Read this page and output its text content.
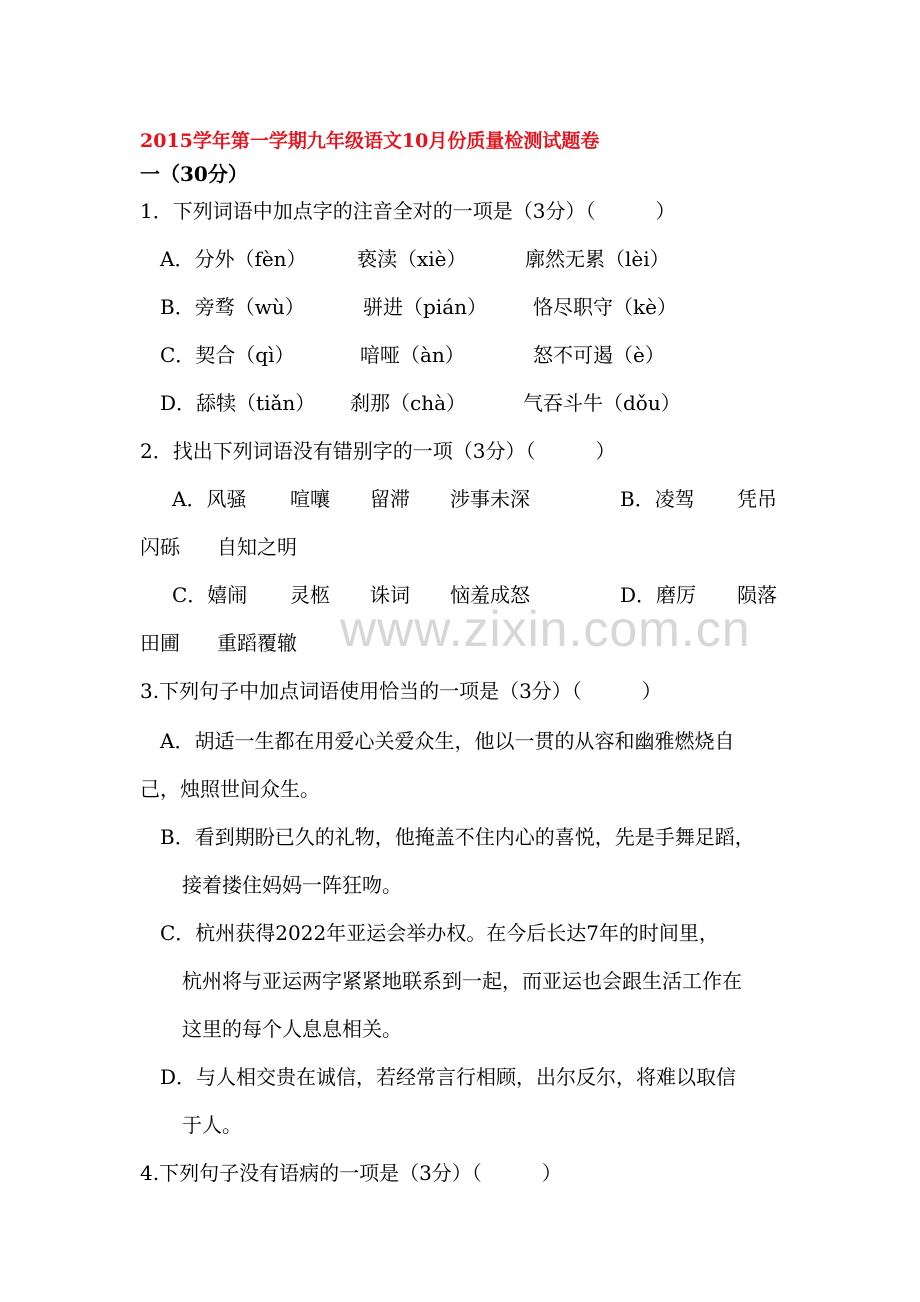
2015学年第一学期九年级语文10月份质量检测试题卷
一（30分）
1．下列词语中加点字的注音全对的一项是（3分）（　　　）
A．分外（fèn）	亵渎（xiè）	廓然无累（lèi）
B．旁骛（wù）	骈进（pián） 恪尽职守（kè）
C．契合（qì）	喑哑（àn）	怒不可遏（è）
D．舔犊（tiǎn） 刹那（chà）	气吞斗牛（dǒu）
2．找出下列词语没有错别字的一项（3分）（　　　）
A．风骚 喧嚷 留滞 涉事未深	B．凌驾 凭吊
闪砾 自知之明
C．嬉闹 灵柩 诛词 恼羞成怒	D．磨厉 陨落
田圃 重蹈覆辙
3.下列句子中加点词语使用恰当的一项是（3分）（　　　）
A．胡适一生都在用爱心关爱众生，他以一贯的从容和幽雅燃烧自
己，烛照世间众生。
B．看到期盼已久的礼物，他掩盖不住内心的喜悦，先是手舞足蹈，
接着搂住妈妈一阵狂吻。
C．杭州获得2022年亚运会举办权。在今后长达7年的时间里，
杭州将与亚运两字紧紧地联系到一起，而亚运也会跟生活工作在
这里的每个人息息相关。
D．与人相交贵在诚信，若经常言行相顾，出尔反尔，将难以取信
于人。
4.下列句子没有语病的一项是（3分）（　　　）
www.zixin.com.cn
